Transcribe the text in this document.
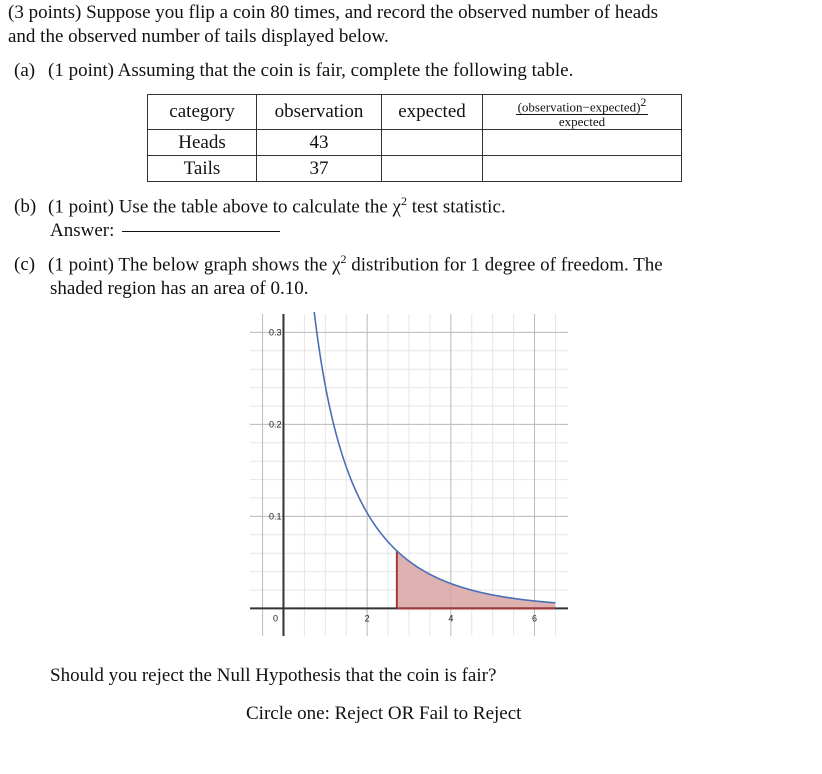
(3 points) Suppose you flip a coin 80 times, and record the observed number of heads
and the observed number of tails displayed below.
(a) (1 point) Assuming that the coin is fair, complete the following table.
category	observation	expected	$\frac{(observation-expected)^2}{\text{expected}}$

Heads	43		
Tails	37		
(b) (1 point) Use the table above to calculate the $\chi^2$ test statistic.
Answer:
(c) (1 point) The below graph shows the $\chi^2$ distribution for 1 degree of freedom. The
shaded region has an area of 0.10.
0	2	4	6
0.1
0.2
0.3
Should you reject the Null Hypothesis that the coin is fair?
Circle one: Reject OR Fail to Reject
